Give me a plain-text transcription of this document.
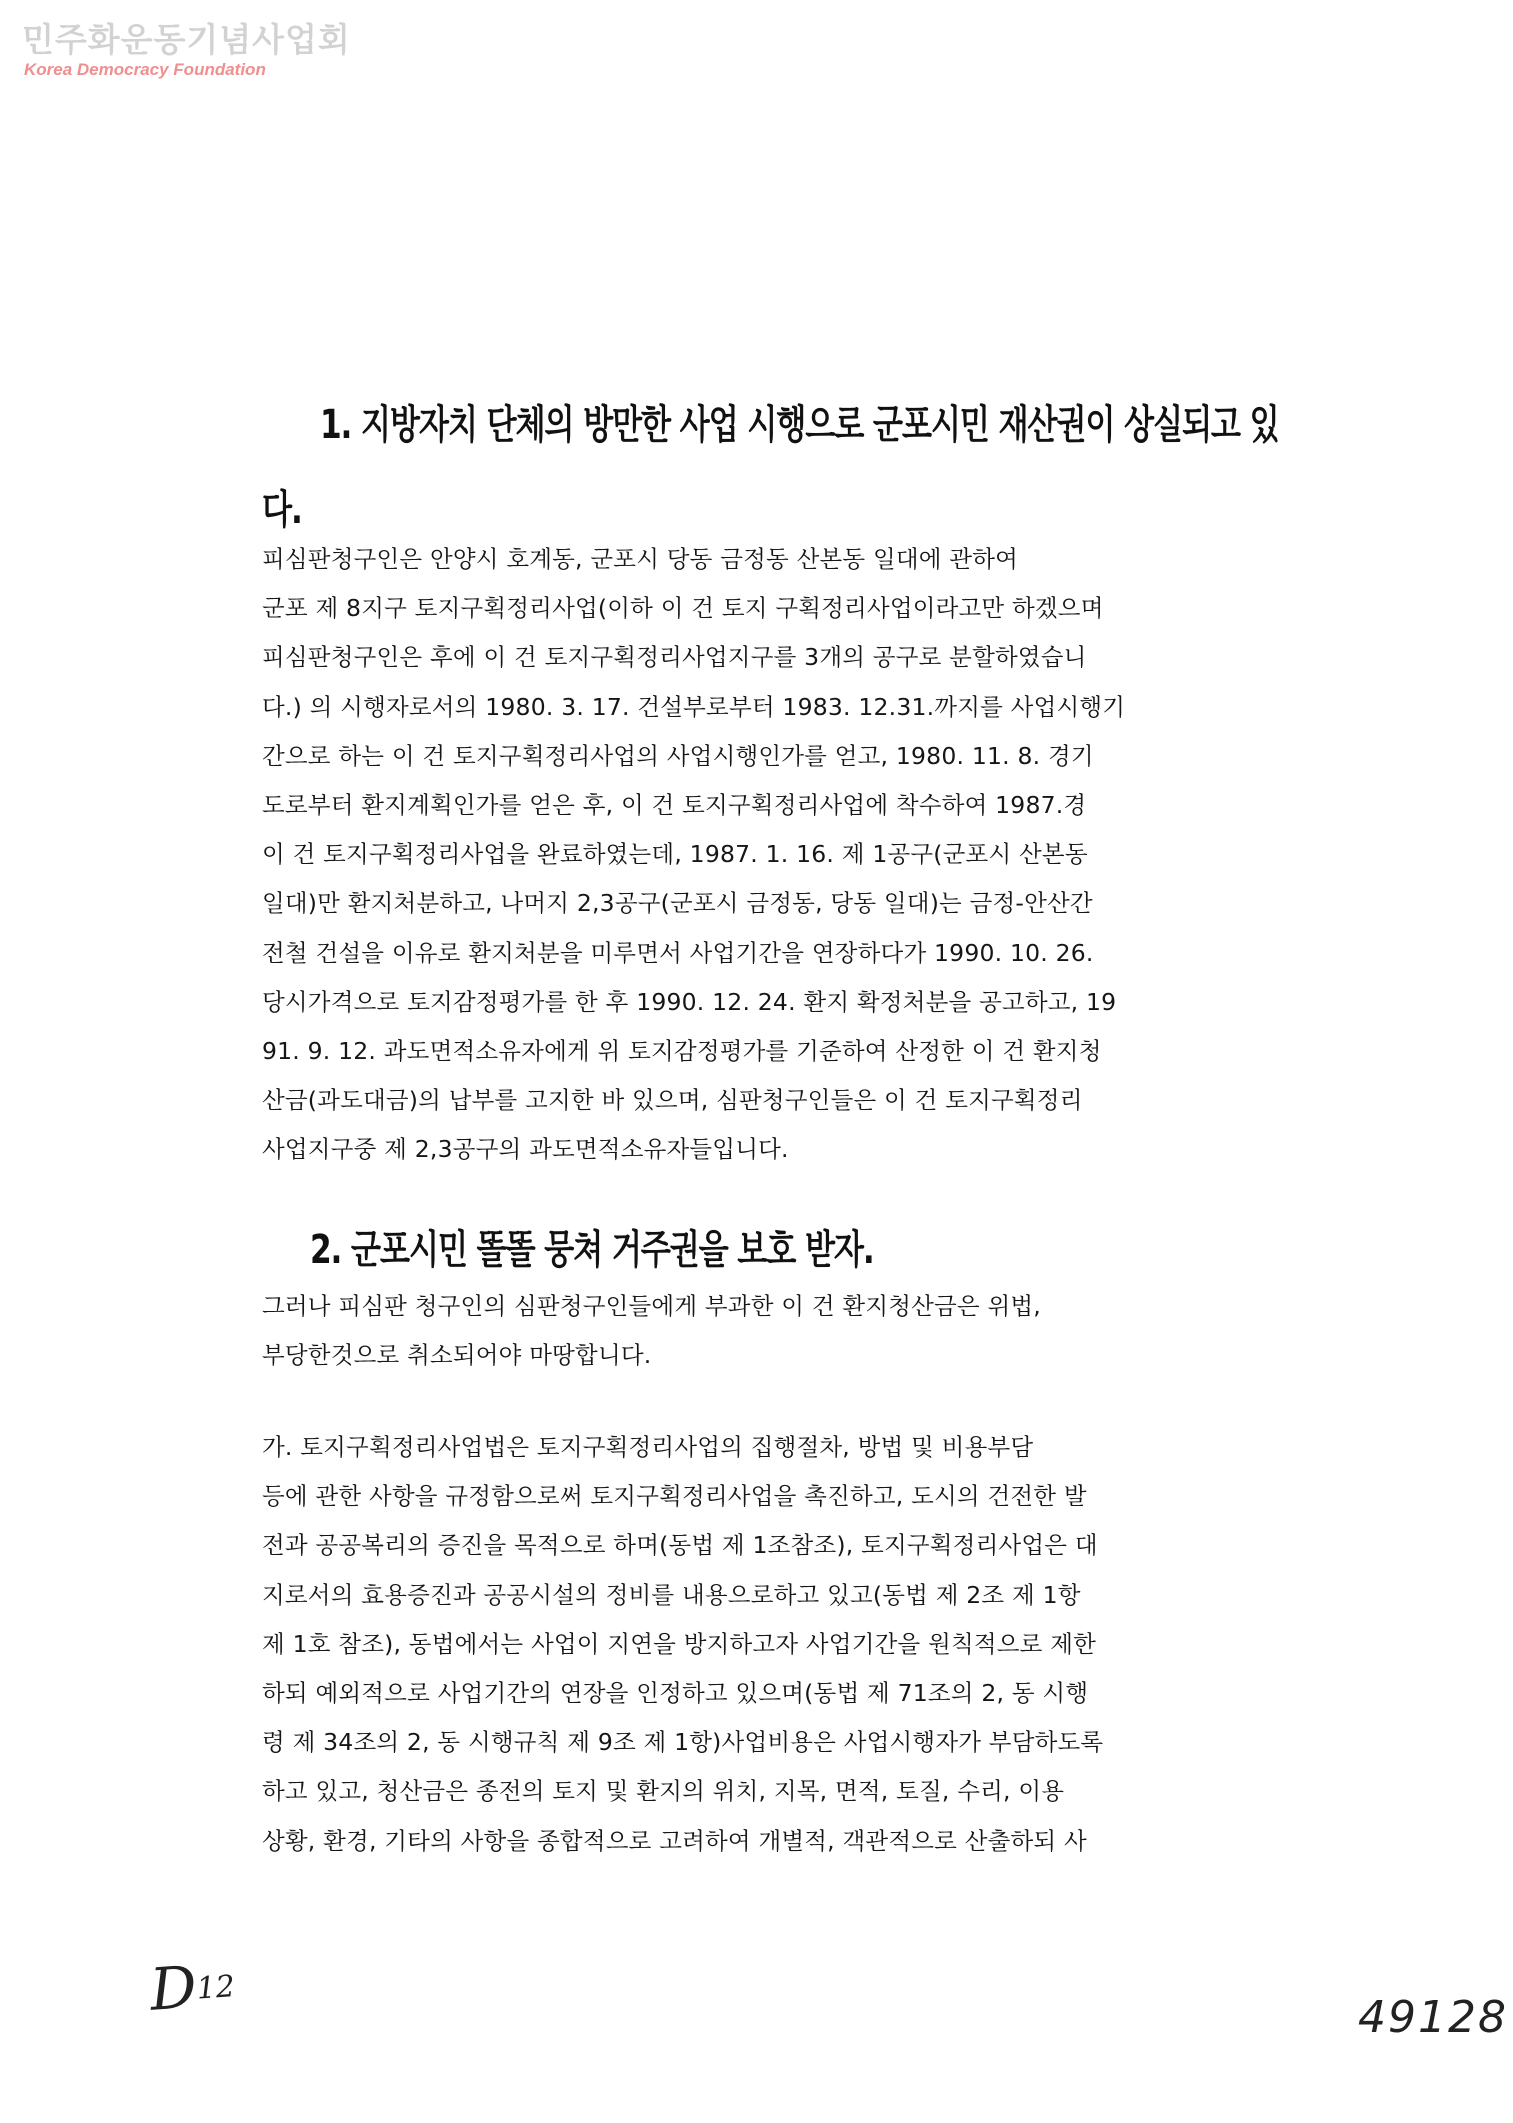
민주화운동기념사업회
Korea Democracy Foundation
1. 지방자치 단체의 방만한 사업 시행으로 군포시민 재산권이 상실되고 있
다.

피심판청구인은 안양시 호계동, 군포시 당동 금정동 산본동 일대에 관하여
군포 제 8지구 토지구획정리사업(이하 이 건 토지 구획정리사업이라고만 하겠으며
피심판청구인은 후에 이 건 토지구획정리사업지구를 3개의 공구로 분할하였습니
다.) 의 시행자로서의 1980. 3. 17. 건설부로부터 1983. 12.31.까지를 사업시행기
간으로 하는 이 건 토지구획정리사업의 사업시행인가를 얻고, 1980. 11. 8. 경기
도로부터 환지계획인가를 얻은 후, 이 건 토지구획정리사업에 착수하여 1987.경
이 건 토지구획정리사업을 완료하였는데, 1987. 1. 16. 제 1공구(군포시 산본동
일대)만 환지처분하고, 나머지 2,3공구(군포시 금정동, 당동 일대)는 금정-안산간
전철 건설을 이유로 환지처분을 미루면서 사업기간을 연장하다가 1990. 10. 26.
당시가격으로 토지감정평가를 한 후 1990. 12. 24. 환지 확정처분을 공고하고, 19
91. 9. 12. 과도면적소유자에게 위 토지감정평가를 기준하여 산정한 이 건 환지청
산금(과도대금)의 납부를 고지한 바 있으며, 심판청구인들은 이 건 토지구획정리
사업지구중 제 2,3공구의 과도면적소유자들입니다.

2. 군포시민 똘똘 뭉쳐 거주권을 보호 받자.

그러나 피심판 청구인의 심판청구인들에게 부과한 이 건 환지청산금은 위법,
부당한것으로 취소되어야 마땅합니다.

가. 토지구획정리사업법은 토지구획정리사업의 집행절차, 방법 및 비용부담
등에 관한 사항을 규정함으로써 토지구획정리사업을 촉진하고, 도시의 건전한 발
전과 공공복리의 증진을 목적으로 하며(동법 제 1조참조), 토지구획정리사업은 대
지로서의 효용증진과 공공시설의 정비를 내용으로하고 있고(동법 제 2조 제 1항
제 1호 참조), 동법에서는 사업이 지연을 방지하고자 사업기간을 원칙적으로 제한
하되 예외적으로 사업기간의 연장을 인정하고 있으며(동법 제 71조의 2, 동 시행
령 제 34조의 2, 동 시행규칙 제 9조 제 1항)사업비용은 사업시행자가 부담하도록
하고 있고, 청산금은 종전의 토지 및 환지의 위치, 지목, 면적, 토질, 수리, 이용
상황, 환경, 기타의 사항을 종합적으로 고려하여 개별적, 객관적으로 산출하되 사

D12
49128
